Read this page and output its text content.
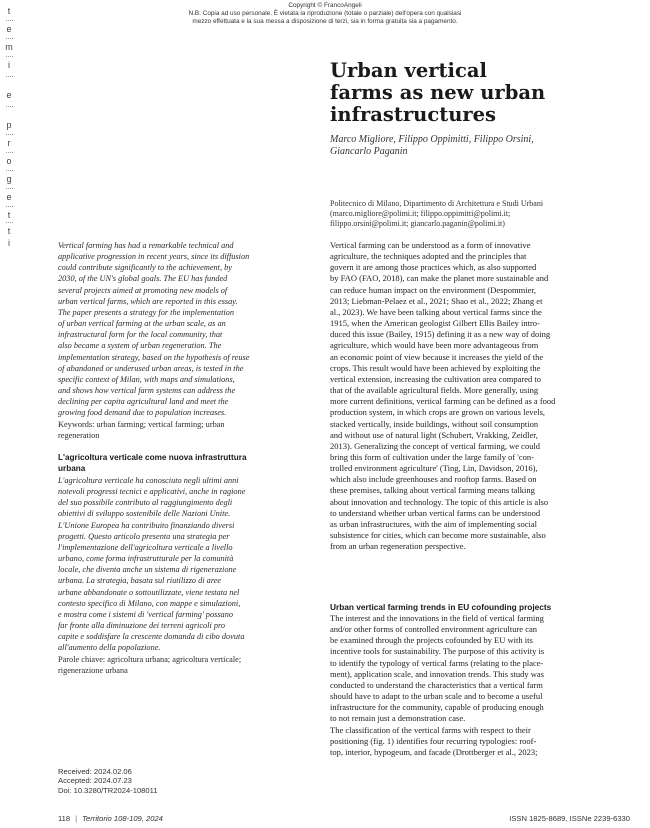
Copyright © FrancoAngeli
N.B: Copia ad uso personale. È vietata la riproduzione (totale o parziale) dell'opera con qualsiasi
mezzo effettuata e la sua messa a disposizione di terzi, sia in forma gratuita sia a pagamento.
t
e
m
i
e
p
r
o
g
e
t
t
i
Urban vertical
farms as new urban
infrastructures
Marco Migliore, Filippo Oppimitti, Filippo Orsini,
Giancarlo Paganin
Politecnico di Milano, Dipartimento di Architettura e Studi Urbani
(marco.migliore@polimi.it; filippo.oppimitti@polimi.it;
filippo.orsini@polimi.it; giancarlo.paganin@polimi.it)
Vertical farming has had a remarkable technical and
applicative progression in recent years, since its diffusion
could contribute significantly to the achievement, by
2030, of the UN's global goals. The EU has funded
several projects aimed at promoting new models of
urban vertical farms, which are reported in this essay.
The paper presents a strategy for the implementation
of urban vertical farming at the urban scale, as an
infrastructural form for the local community, that
also became a system of urban regeneration. The
implementation strategy, based on the hypothesis of reuse
of abandoned or underused urban areas, is tested in the
specific context of Milan, with maps and simulations,
and shows how vertical farm systems can address the
declining per capita agricultural land and meet the
growing food demand due to population increases.
Keywords: urban farming; vertical farming; urban
regeneration
L'agricoltura verticale come nuova infrastruttura
urbana
L'agricoltura verticale ha conosciuto negli ultimi anni
notevoli progressi tecnici e applicativi, anche in ragione
del suo possibile contributo al raggiungimento degli
obiettivi di sviluppo sostenibile delle Nazioni Unite.
L'Unione Europea ha contribuito finanziando diversi
progetti. Questo articolo presenta una strategia per
l'implementazione dell'agricoltura verticale a livello
urbano, come forma infrastrutturale per la comunità
locale, che diventa anche un sistema di rigenerazione
urbana. La strategia, basata sul riutilizzo di aree
urbane abbandonate o sottoutilizzate, viene testata nel
contesto specifico di Milano, con mappe e simulazioni,
e mostra come i sistemi di 'vertical farming' possano
far fronte alla diminuzione dei terreni agricoli pro
capite e soddisfare la crescente domanda di cibo dovuta
all'aumento della popolazione.
Parole chiave: agricoltura urbana; agricoltura verticale;
rigenerazione urbana
Received: 2024.02.06
Accepted: 2024.07.23
Doi: 10.3280/TR2024-108011
Vertical farming can be understood as a form of innovative
agriculture, the techniques adopted and the principles that
govern it are among those practices which, as also supported
by FAO (FAO, 2018), can make the planet more sustainable and
can reduce human impact on the environment (Despommier,
2013; Liebman-Pelaez et al., 2021; Shao et al., 2022; Zhang et
al., 2023). We have been talking about vertical farms since the
1915, when the American geologist Gilbert Ellis Bailey intro-
duced this issue (Bailey, 1915) defining it as a new way of doing
agriculture, which would have been more advantageous from
an economic point of view because it increases the yield of the
crops. This result would have been achieved by exploiting the
vertical extension, increasing the cultivation area compared to
that of the available agricultural fields. More generally, using
more current definitions, vertical farming can be defined as a food
production system, in which crops are grown on various levels,
stacked vertically, inside buildings, without soil consumption
and without use of natural light (Schubert, Vrakking, Zeidler,
2013). Generalizing the concept of vertical farming, we could
bring this form of cultivation under the large family of 'con-
trolled environment agriculture' (Ting, Lin, Davidson, 2016),
which also include greenhouses and rooftop farms. Based on
these premises, talking about vertical farming means talking
about innovation and technology. The topic of this article is also
to understand whether urban vertical farms can be understood
as urban infrastructures, with the aim of implementing social
subsistence for cities, which can become more sustainable, also
from an urban regeneration perspective.
Urban vertical farming trends in EU cofounding projects
The interest and the innovations in the field of vertical farming
and/or other forms of controlled environment agriculture can
be examined through the projects cofounded by EU with its
incentive tools for sustainability. The purpose of this activity is
to identify the typology of vertical farms (relating to the place-
ment), application scale, and innovation trends. This study was
conducted to understand the characteristics that a vertical farm
should have to adapt to the urban scale and to become a useful
infrastructure for the community, capable of producing enough
to not remain just a demonstration case.
The classification of the vertical farms with respect to their
positioning (fig. 1) identifies four recurring typologies: roof-
top, interior, hypogeum, and facade (Drottberger et al., 2023;
118 | Territorio 108-109, 2024	ISSN 1825-8689, ISSNe 2239-6330
